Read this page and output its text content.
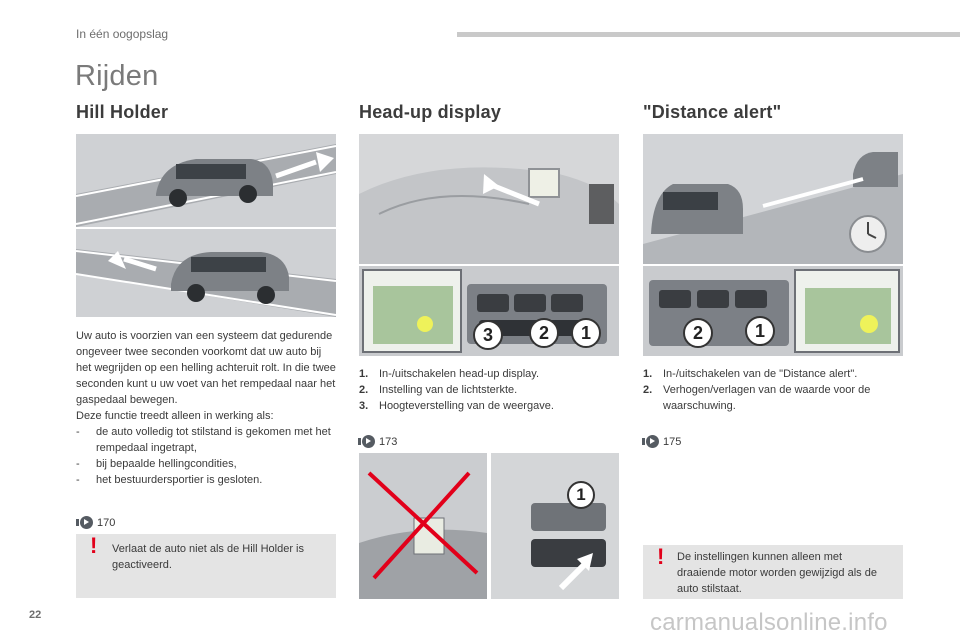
In één oogopslag
Rijden
Hill Holder	Head-up display	"Distance alert"
Uw auto is voorzien van een systeem dat gedurende ongeveer twee seconden voorkomt dat uw auto bij het wegrijden op een helling achteruit rolt. In die twee seconden kunt u uw voet van het rempedaal naar het gaspedaal bewegen.
Deze functie treedt alleen in werking als:
- de auto volledig tot stilstand is gekomen met het rempedaal ingetrapt,
- bij bepaalde hellingcondities,
- het bestuurdersportier is gesloten.
170
! Verlaat de auto niet als de Hill Holder is geactiveerd.
3	2	1
1. In-/uitschakelen head-up display.
2. Instelling van de lichtsterkte.
3. Hoogteverstelling van de weergave.
173
1
2	1
1. In-/uitschakelen van de "Distance alert".
2. Verhogen/verlagen van de waarde voor de waarschuwing.
175
! De instellingen kunnen alleen met draaiende motor worden gewijzigd als de auto stilstaat.
22	carmanualsonline.info
